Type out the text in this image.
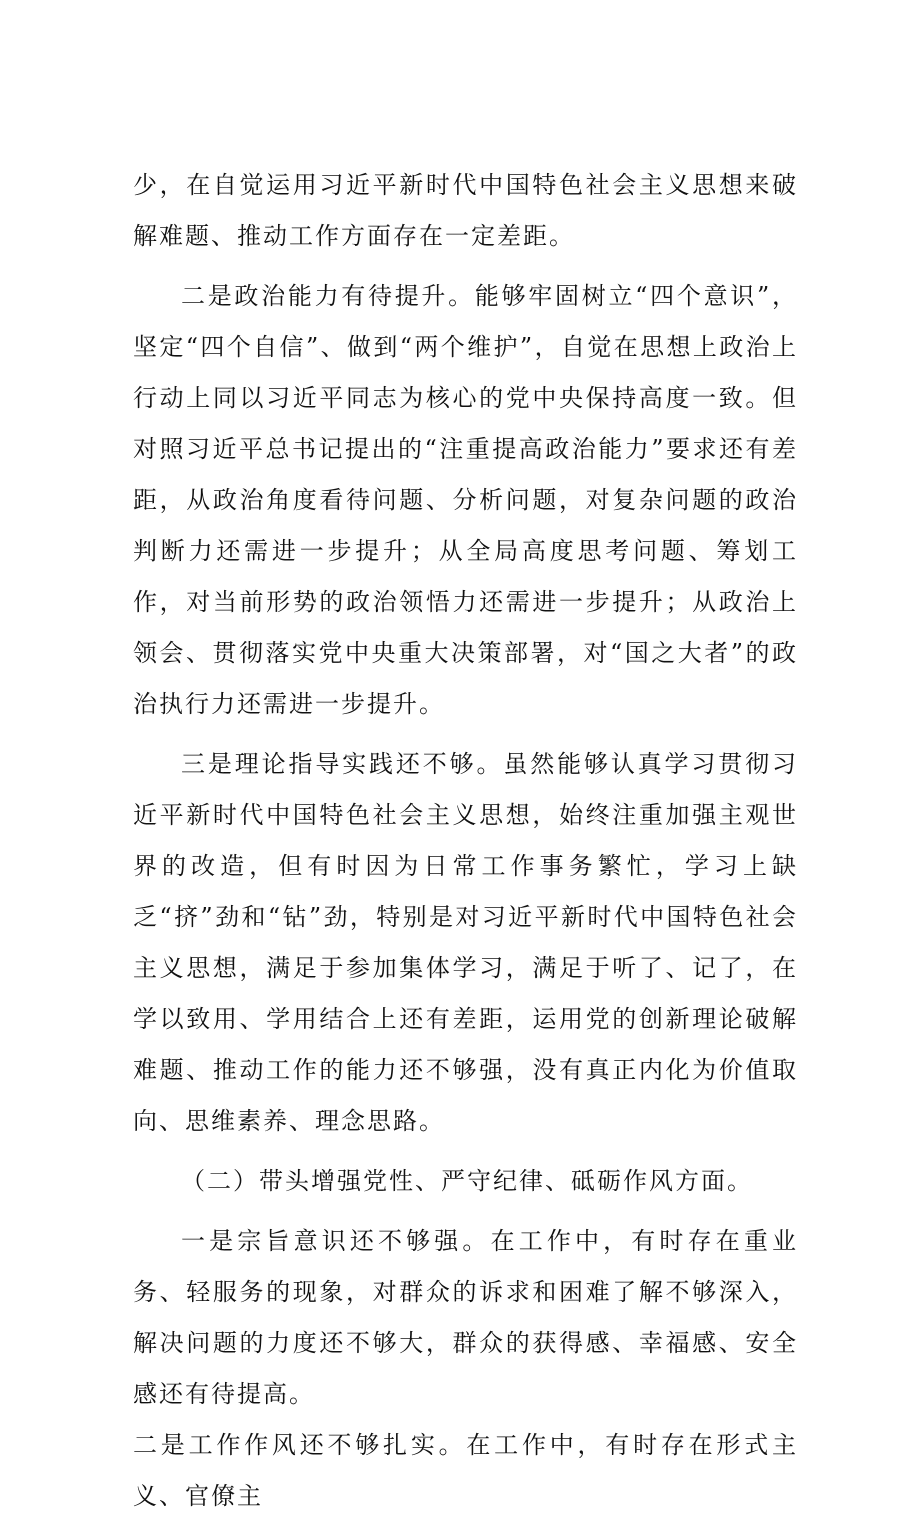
少，在自觉运用习近平新时代中国特色社会主义思想来破解难题、推动工作方面存在一定差距。

二是政治能力有待提升。能够牢固树立“四个意识”，坚定“四个自信”、做到“两个维护”，自觉在思想上政治上行动上同以习近平同志为核心的党中央保持高度一致。但对照习近平总书记提出的“注重提高政治能力”要求还有差距，从政治角度看待问题、分析问题，对复杂问题的政治判断力还需进一步提升；从全局高度思考问题、筹划工作，对当前形势的政治领悟力还需进一步提升；从政治上领会、贯彻落实党中央重大决策部署，对“国之大者”的政治执行力还需进一步提升。

三是理论指导实践还不够。虽然能够认真学习贯彻习近平新时代中国特色社会主义思想，始终注重加强主观世界的改造，但有时因为日常工作事务繁忙，学习上缺乏“挤”劲和“钻”劲，特别是对习近平新时代中国特色社会主义思想，满足于参加集体学习，满足于听了、记了，在学以致用、学用结合上还有差距，运用党的创新理论破解难题、推动工作的能力还不够强，没有真正内化为价值取向、思维素养、理念思路。

（二）带头增强党性、严守纪律、砥砺作风方面。

一是宗旨意识还不够强。在工作中，有时存在重业务、轻服务的现象，对群众的诉求和困难了解不够深入，解决问题的力度还不够大，群众的获得感、幸福感、安全感还有待提高。

二是工作作风还不够扎实。在工作中，有时存在形式主义、官僚主
